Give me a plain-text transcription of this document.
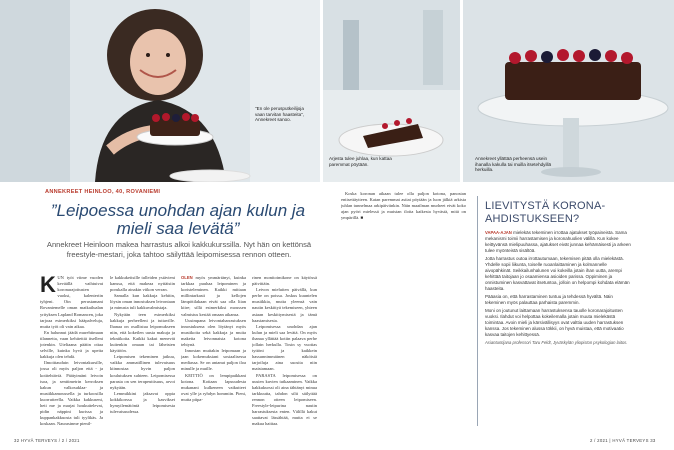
"En ole perusputkeilijoja vaan tarvitan haasteita", Annekreet sanoo.
Arjesta tulee juhlaa, kun kattaa paremmat pöytään.
Annekreet yllättää perheensä usein ihanalla kakulla tai muilla itsetehdyillä herkuilla.
ANNEKREET HEINLOO, 40, ROVANIEMI
”Leipoessa unohdan ajan kulun ja mieli saa levätä”
Annekreet Heinloon makea harrastus alkoi kakkukurssilla. Nyt hän on kettönsä freestyle-mestari, joka tahtoo säilyttää leipomisessa rennon otteen.

KUN työt viime vuoden keväällä vaihtuivat koronarajoitusten vuoksi, kalenteriin tyhjeni. Oin perustamani Rovaniemelle oman matkailualan yrityksen Lapland Romancen, joka tarjoaa esimerkiksi hääpalveluja, mutta työt oli vain aikaa.

En halunnut jäädä murehtimaan tilannetta, vaan kehitettiä itselleni jotenkin. Uteliaana päätin ottaa selville, kuinka hyvä ja upeita kakkuja olen tehdä.

Ilmoittauduin leivontakursille, jossa oli myös paljon että - ja kotitehtäviä. Päätyimäni leivoin isoa, ja senttimetrin kerroksen kakun valkosuklaa- ja mustikkamoussella ja turkoosilla kuorrutteella. Vaikka kakkuseni, heti me ja marjat houkuttelevat, pidin näppini kurissa ja kuppankakkuosta tuli tyylikäs. Ja koskaan. Naurasinme pienil-

le kakkukeitsille tulleiden ystävieni kanssa, että makeaa nyttäisiin porukalla ainakin viikon verran.

Samalla kun kakkuja kehitin, löysin oman innostuksen leivontaan ja minusta tuli kakkuvalmistaja.

Nykyään teen esimerkiksi kakkuja perheelleni ja tuttaville. Ihanaa on osallistua leipomukseen niin, että kokeilen uusia makuja ja tekniikoita. Kaikki kakut menevät kuitenkin omaan tai läheisten käyttöön.

Leipomisen tekeminen jatkuu, vaikka ammatillinen tulevaisuus kiinnostaa hyvin paljon koulutuksen suhteen. Leipomisessa parasta on sen terapeuttisuus, arvoi nykyään.

Lemmikkini jaksavat oppia kokkikorssa ja kasvikset hymyilemätöntä leipomisesta tulevaisuudessa.

OLEN myös ymmärtänyt, kuinka tarkkaa puuhaa leipominen ja koristeleminen. Kaikki mittaan millintarkasti ja kellojen lämpötilakaan eivät saa olla liian kiire; sillä esimerkiksi moussen valmistus kestää omaan aikansa.

Uusimpana leivontaharrastuksen innostuksena olen löytänyt myös mustikoita sekä kakkuja ja muita makeita leivonnaisia kotona tehtynä.

Innostan muitakin leipomaan ja jaan kokemuksiani sosiaalisessa mediassa. Se on antanut paljon iloa minulle ja muille.

KEITTIÖ on lempipaikkani kotona. Kotiaan lapsuudesta mukanani kulkeneen vaikutteet ovat ylle ja ryhdyn hommiin. Pieni, mutta piipa-

rinen monitoimikone on käytössä päivittäin.

Leivon mieluiten päivällä, kun perhe on poissa. Joskus kuuntelen musiikkia, mutta yleensä vain nautin keskittyä tekemiseen, yhteen asiaan keskittymisestä ja tämä haastamisesta.

Leipomisessa unohdan ajan kulun ja mieli saa levätä. On myös ihanaa yllättää kotiin palaava perhe jollain herkulla. Tosin sy vuotias tyttöni ja kaikkein hassunnimmäinen näköisiä tarjoiluja aina suosita niin maistamaan.

PARASTA leipomisessa on uusien kuvien tutkaaminen. Vaikka kakkukurssi oli aina tähtänyt minua tarkkuutta, tahdon silti säilyttää rennon otteen leipomiseen. Freestyle-leipurina nautin harrastuksesta enten. Välillä kakut saattavat lässähtää, mutta ei se makua haittaa.

Koska koronan aikaan tulee olla paljon kotona, panostan entisettäytteen. Katan paremmat astiat pöytään ja luon jälkiä arkista juhlan tunnelmaa arkipäiviinkin. Näin maailman murheet eivät koko ajan pyöri mielessä ja muistan iloita kaikesta hyvästä, mitä on ympärillä. ■

LIEVITYSTÄ KORONA-AHDISTUKSEEN?

VAPAA-AJAN mielekäs tekeminen irrottaa ajatukset työpaineista. Sama mekanismi toimii harrastamisen ja koronahuolien välillä. Kun kokee keittyvänsä mielipuuhassa, ajatukset eivät junnaa kehämäisesti ja arkeen tulee myönteistä sisältöä.

Jotta harrastus outoa irrottautumaan, tekemisen pitää olla mielekästä. Yhdelle sopii liikunta, toiselle ruoanlaittaminen ja kolmannelle aivopähkinät. Seikkailunhalunen voi kokeilla jotain ihan uutta, arempi kehittää taitojaan jo osaamiensa asioiden parissa. Oppiminen ja onnistuminen kasvattavat itsetuntoa, jolloin on helpompi kohdata elämän haasteita.

Pääasia on, että harrastaminen tuntuu ja tehdessä hyvältä. Näin tekeminen myös palauttaa parhaista paremmin.

Moni on joutunut laittamaan harrastuksensa tauolle koronarajoitusten vuoksi. Ilahdut voi helpottaa kokeilemalla jotain muuta mielekästä toimintaa. Avoin mieli ja kärsivällisyys ovat valttia uuden harrastuksen kanssa. Jos tekeminen alussa tökkii, on hyvä muistaa, että motivaatio kasvaa taitojen kehittyessä.

Asiantuntijana professori Taru Feldt, Jyväskylän yliopiston psykologian laitos.
32 HYVÄ TERVEYS / 2 / 2021	2 / 2021 | HYVÄ TERVEYS 33
